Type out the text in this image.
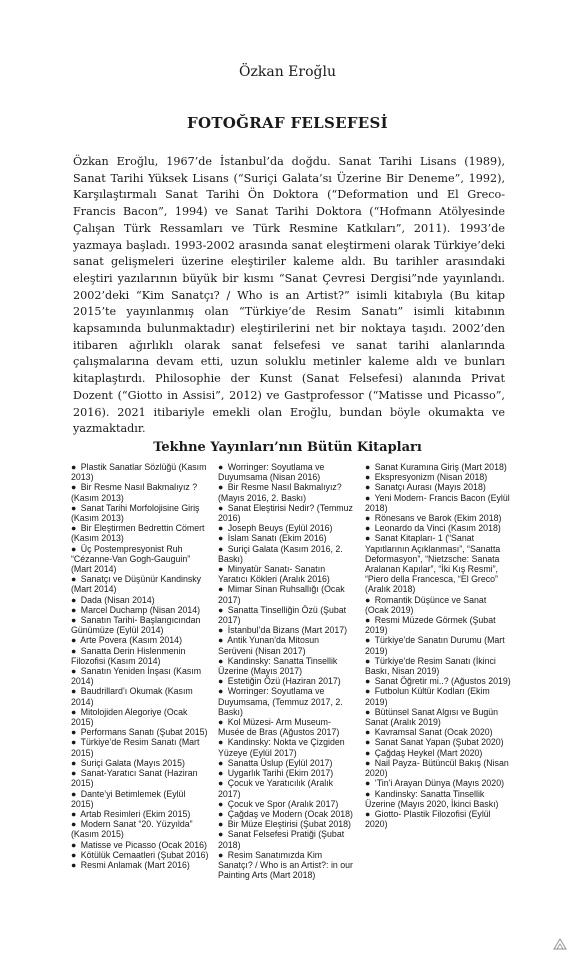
Özkan Eroğlu
FOTOĞRAF FELSEFESİ

Özkan Eroğlu, 1967’de İstanbul’da doğdu. Sanat Tarihi Lisans (1989), Sanat Tarihi Yüksek Lisans (“Suriçi Galata’sı Üzerine Bir Deneme”, 1992), Karşılaştırmalı Sanat Tarihi Ön Doktora (“Deformation und El Greco-Francis Bacon”, 1994) ve Sanat Tarihi Doktora (“Hofmann Atölyesinde Çalışan Türk Ressamları ve Türk Resmine Katkıları”, 2011). 1993’de yazmaya başladı. 1993-2002 arasında sanat eleştirmeni olarak Türkiye’deki sanat gelişmeleri üzerine eleştiriler kaleme aldı. Bu tarihler arasındaki eleştiri yazılarının büyük bir kısmı “Sanat Çevresi Dergisi”nde yayınlandı. 2002’deki “Kim Sanatçı? / Who is an Artist?” isimli kitabıyla (Bu kitap 2015’te yayınlanmış olan “Türkiye’de Resim Sanatı” isimli kitabının kapsamında bulunmaktadır) eleştirilerini net bir noktaya taşıdı. 2002’den itibaren ağırlıklı olarak sanat felsefesi ve sanat tarihi alanlarında çalışmalarına devam etti, uzun soluklu metinler kaleme aldı ve bunları kitaplaştırdı. Philosophie der Kunst (Sanat Felsefesi) alanında Privat Dozent (“Giotto in Assisi”, 2012) ve Gastprofessor (“Matisse und Picasso”, 2016). 2021 itibariyle emekli olan Eroğlu, bundan böyle okumakta ve yazmaktadır.

Tekhne Yayınları’nın Bütün Kitapları
● Plastik Sanatlar Sözlüğü (Kasım 2013)
● Bir Resme Nasıl Bakmalıyız ? (Kasım 2013)
● Sanat Tarihi Morfolojisine Giriş (Kasım 2013)
● Bir Eleştirmen Bedrettin Cömert (Kasım 2013)
● Üç Postempresyonist Ruh “Cézanne-Van Gogh-Gauguin” (Mart 2014)
● Sanatçı ve Düşünür Kandinsky (Mart 2014)
● Dada (Nisan 2014)
● Marcel Duchamp (Nisan 2014)
● Sanatın Tarihi- Başlangıcından Günümüze (Eylül 2014)
● Arte Povera (Kasım 2014)
● Sanatta Derin Hislenmenin Filozofisi (Kasım 2014)
● Sanatın Yeniden İnşası (Kasım 2014)
● Baudrillard’ı Okumak (Kasım 2014)
● Mitolojiden Alegoriye (Ocak 2015)
● Performans Sanatı (Şubat 2015)
● Türkiye’de Resim Sanatı (Mart 2015)
● Suriçi Galata (Mayıs 2015)
● Sanat-Yaratıcı Sanat (Haziran 2015)
● Dante’yi Betimlemek (Eylül 2015)
● Artab Resimleri (Ekim 2015)
● Modern Sanat “20. Yüzyılda” (Kasım 2015)
● Matisse ve Picasso (Ocak 2016)
● Kötülük Cemaatleri (Şubat 2016)
● Resmi Anlamak (Mart 2016)
● Worringer: Soyutlama ve Duyumsama (Nisan 2016)
● Bir Resme Nasıl Bakmalıyız? (Mayıs 2016, 2. Baskı)
● Sanat Eleştirisi Nedir? (Temmuz 2016)
● Joseph Beuys (Eylül 2016)
● İslam Sanatı (Ekim 2016)
● Suriçi Galata (Kasım 2016, 2. Baskı)
● Minyatür Sanatı- Sanatın Yaratıcı Kökleri (Aralık 2016)
● Mimar Sinan Ruhsallığı (Ocak 2017)
● Sanatta Tinselliğin Özü (Şubat 2017)
● İstanbul’da Bizans (Mart 2017)
● Antik Yunan’da Mitosun Serüveni (Nisan 2017)
● Kandinsky: Sanatta Tinsellik Üzerine (Mayıs 2017)
● Estetiğin Özü (Haziran 2017)
● Worringer: Soyutlama ve Duyumsama, (Temmuz 2017, 2. Baskı)
● Kol Müzesi- Arm Museum- Musée de Bras (Ağustos 2017)
● Kandinsky: Nokta ve Çizgiden Yüzeye (Eylül 2017)
● Sanatta Üslup (Eylül 2017)
● Uygarlık Tarihi (Ekim 2017)
● Çocuk ve Yaratıcılık (Aralık 2017)
● Çocuk ve Spor (Aralık 2017)
● Çağdaş ve Modern (Ocak 2018)
● Bir Müze Eleştirisi (Şubat 2018)
● Sanat Felsefesi Pratiği (Şubat 2018)
● Resim Sanatımızda Kim Sanatçı? / Who is an Artist?: in our Painting Arts (Mart 2018)
● Sanat Kuramına Giriş (Mart 2018)
● Ekspresyonizm (Nisan 2018)
● Sanatçı Aurası (Mayıs 2018)
● Yeni Modern- Francis Bacon (Eylül 2018)
● Rönesans ve Barok (Ekim 2018)
● Leonardo da Vinci (Kasım 2018)
● Sanat Kitapları- 1 (“Sanat Yapıtlarının Açıklanması”, “Sanatta Deformasyon”, “Nietzsche: Sanata Aralanan Kapılar”, “İki Kış Resmi”, “Piero della Francesca, “El Greco” (Aralık 2018)
● Romantik Düşünce ve Sanat (Ocak 2019)
● Resmi Müzede Görmek (Şubat 2019)
● Türkiye’de Sanatın Durumu (Mart 2019)
● Türkiye’de Resim Sanatı (İkinci Baskı, Nisan 2019)
● Sanat Öğretir mi..? (Ağustos 2019)
● Futbolun Kültür Kodları (Ekim 2019)
● Bütünsel Sanat Algısı ve Bugün Sanat (Aralık 2019)
● Kavramsal Sanat (Ocak 2020)
● Sanat Sanat Yapan (Şubat 2020)
● Çağdaş Heykel (Mart 2020)
● Nail Payza- Bütüncül Bakış (Nisan 2020)
● ‘Tin’i Arayan Dünya (Mayıs 2020)
● Kandinsky: Sanatta Tinsellik Üzerine (Mayıs 2020, İkinci Baskı)
● Giotto- Plastik Filozofisi (Eylül 2020)
